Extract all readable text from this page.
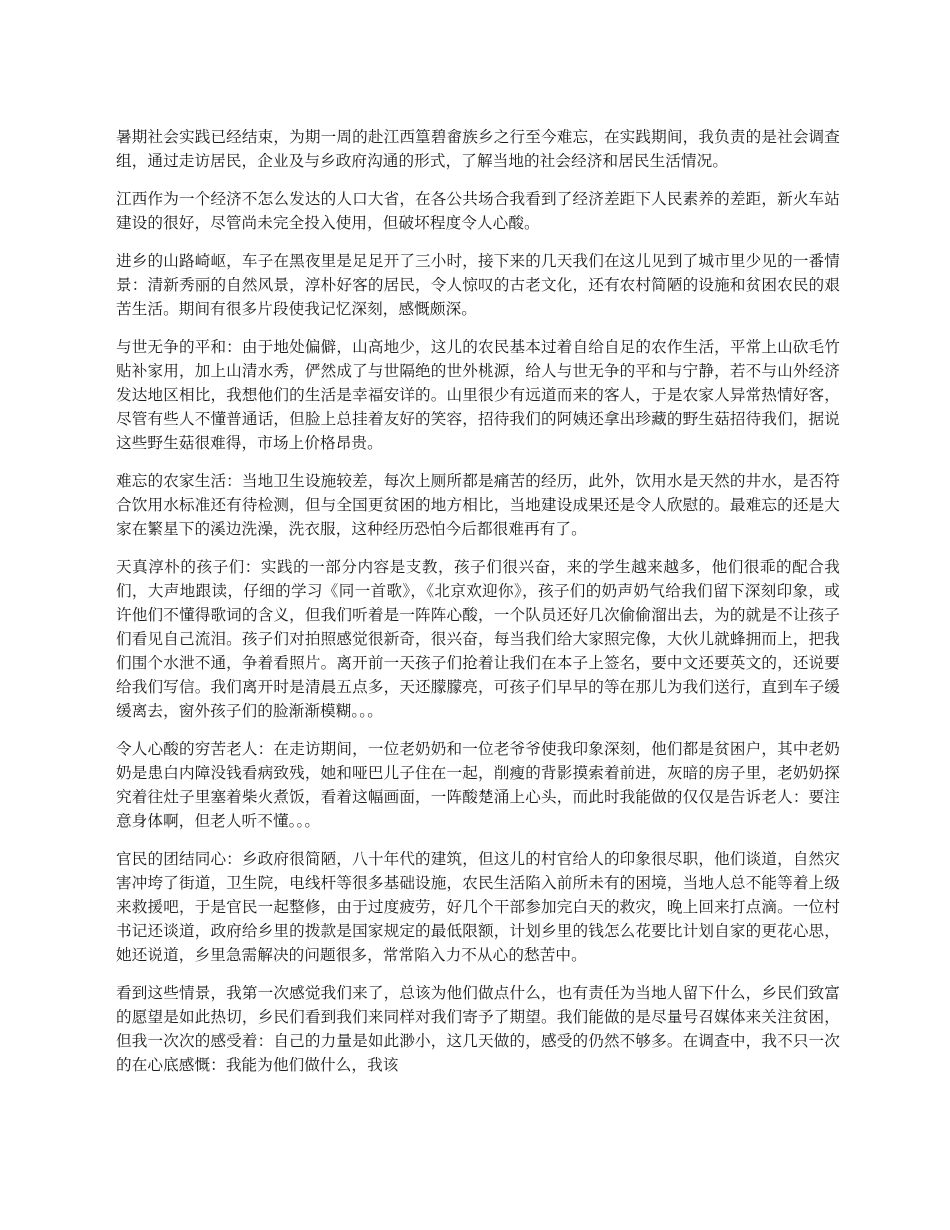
暑期社会实践已经结束，为期一周的赴江西篁碧畲族乡之行至今难忘，在实践期间，我负责的是社会调查组，通过走访居民，企业及与乡政府沟通的形式，了解当地的社会经济和居民生活情况。

江西作为一个经济不怎么发达的人口大省，在各公共场合我看到了经济差距下人民素养的差距，新火车站建设的很好，尽管尚未完全投入使用，但破坏程度令人心酸。

进乡的山路崎岖，车子在黑夜里是足足开了三小时，接下来的几天我们在这儿见到了城市里少见的一番情景：清新秀丽的自然风景，淳朴好客的居民，令人惊叹的古老文化，还有农村简陋的设施和贫困农民的艰苦生活。期间有很多片段使我记忆深刻，感慨颇深。

与世无争的平和：由于地处偏僻，山高地少，这儿的农民基本过着自给自足的农作生活，平常上山砍毛竹贴补家用，加上山清水秀，俨然成了与世隔绝的世外桃源，给人与世无争的平和与宁静，若不与山外经济发达地区相比，我想他们的生活是幸福安详的。山里很少有远道而来的客人，于是农家人异常热情好客，尽管有些人不懂普通话，但脸上总挂着友好的笑容，招待我们的阿姨还拿出珍藏的野生菇招待我们，据说这些野生菇很难得，市场上价格昂贵。

难忘的农家生活：当地卫生设施较差，每次上厕所都是痛苦的经历，此外，饮用水是天然的井水，是否符合饮用水标准还有待检测，但与全国更贫困的地方相比，当地建设成果还是令人欣慰的。最难忘的还是大家在繁星下的溪边洗澡，洗衣服，这种经历恐怕今后都很难再有了。

天真淳朴的孩子们：实践的一部分内容是支教，孩子们很兴奋，来的学生越来越多，他们很乖的配合我们，大声地跟读，仔细的学习《同一首歌》，《北京欢迎你》，孩子们的奶声奶气给我们留下深刻印象，或许他们不懂得歌词的含义，但我们听着是一阵阵心酸，一个队员还好几次偷偷溜出去，为的就是不让孩子们看见自己流泪。孩子们对拍照感觉很新奇，很兴奋，每当我们给大家照完像，大伙儿就蜂拥而上，把我们围个水泄不通，争着看照片。离开前一天孩子们抢着让我们在本子上签名，要中文还要英文的，还说要给我们写信。我们离开时是清晨五点多，天还朦朦亮，可孩子们早早的等在那儿为我们送行，直到车子缓缓离去，窗外孩子们的脸渐渐模糊。。。

令人心酸的穷苦老人：在走访期间，一位老奶奶和一位老爷爷使我印象深刻，他们都是贫困户，其中老奶奶是患白内障没钱看病致残，她和哑巴儿子住在一起，削瘦的背影摸索着前进，灰暗的房子里，老奶奶探究着往灶子里塞着柴火煮饭，看着这幅画面，一阵酸楚涌上心头，而此时我能做的仅仅是告诉老人：要注意身体啊，但老人听不懂。。。

官民的团结同心：乡政府很简陋，八十年代的建筑，但这儿的村官给人的印象很尽职，他们谈道，自然灾害冲垮了街道，卫生院，电线杆等很多基础设施，农民生活陷入前所未有的困境，当地人总不能等着上级来救援吧，于是官民一起整修，由于过度疲劳，好几个干部参加完白天的救灾，晚上回来打点滴。一位村书记还谈道，政府给乡里的拨款是国家规定的最低限额，计划乡里的钱怎么花要比计划自家的更花心思，她还说道，乡里急需解决的问题很多，常常陷入力不从心的愁苦中。

看到这些情景，我第一次感觉我们来了，总该为他们做点什么，也有责任为当地人留下什么，乡民们致富的愿望是如此热切，乡民们看到我们来同样对我们寄予了期望。我们能做的是尽量号召媒体来关注贫困，但我一次次的感受着：自己的力量是如此渺小，这几天做的，感受的仍然不够多。在调查中，我不只一次的在心底感慨：我能为他们做什么，我该
